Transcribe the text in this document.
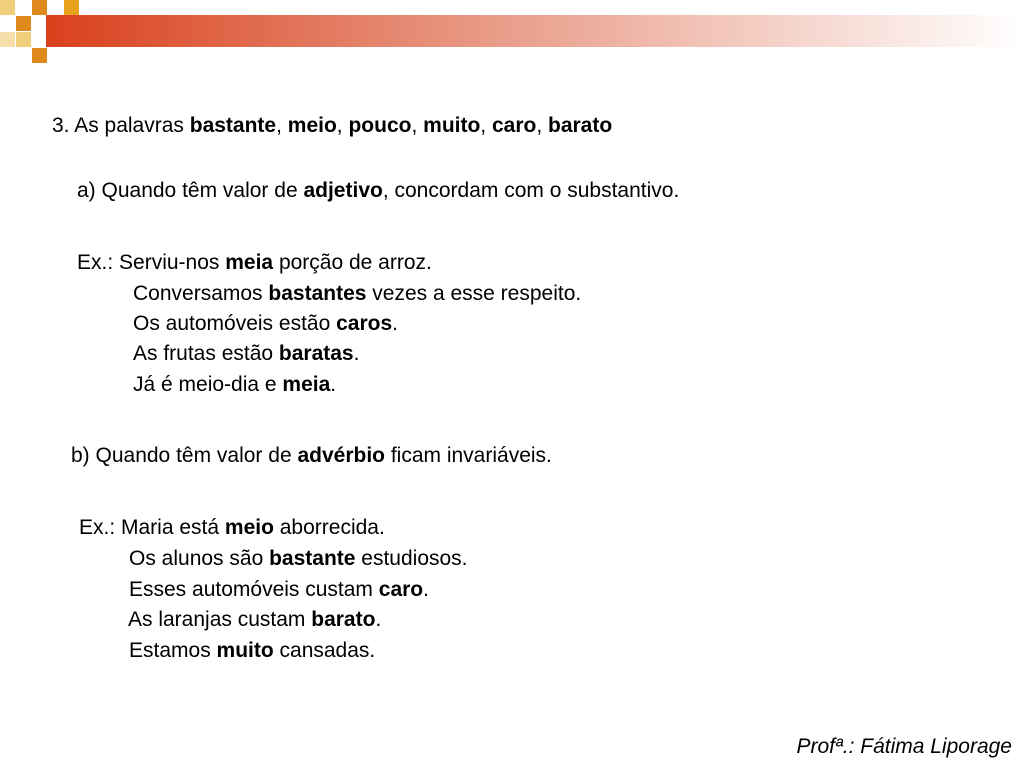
3. As palavras bastante, meio, pouco, muito, caro, barato
a) Quando têm valor de adjetivo, concordam com o substantivo.
Ex.: Serviu-nos meia porção de arroz.
Conversamos bastantes vezes a esse respeito.
Os automóveis estão caros.
As frutas estão baratas.
Já é meio-dia e meia.
b) Quando têm valor de advérbio ficam invariáveis.
Ex.: Maria está meio aborrecida.
Os alunos são bastante estudiosos.
Esses automóveis custam caro.
As laranjas custam barato.
Estamos muito cansadas.
Profª.: Fátima Liporage
